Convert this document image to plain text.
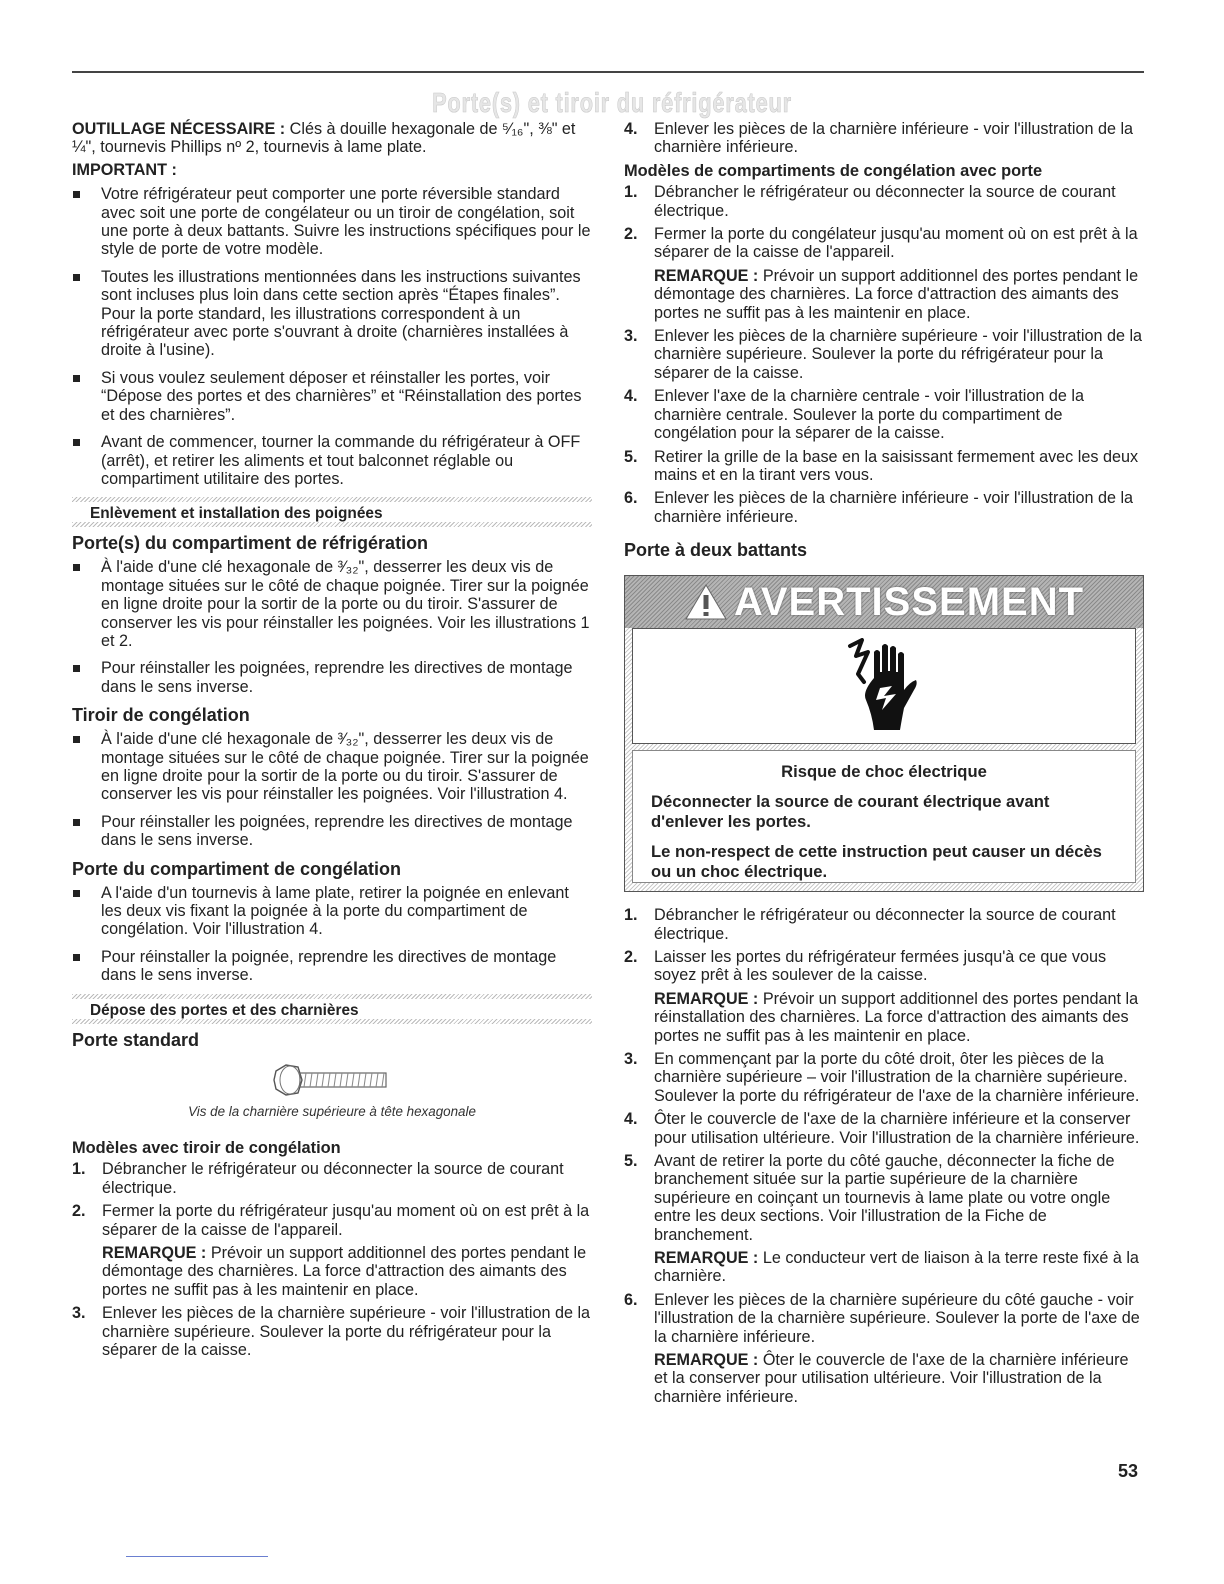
Porte(s) et tiroir du réfrigérateur

OUTILLAGE NÉCESSAIRE : Clés à douille hexagonale de ⁵⁄₁₆", ⅜" et ¼", tournevis Phillips nº 2, tournevis à lame plate.

IMPORTANT :

Votre réfrigérateur peut comporter une porte réversible standard avec soit une porte de congélateur ou un tiroir de congélation, soit une porte à deux battants. Suivre les instructions spécifiques pour le style de porte de votre modèle.
Toutes les illustrations mentionnées dans les instructions suivantes sont incluses plus loin dans cette section après “Étapes finales”. Pour la porte standard, les illustrations correspondent à un réfrigérateur avec porte s'ouvrant à droite (charnières installées à droite à l'usine).
Si vous voulez seulement déposer et réinstaller les portes, voir “Dépose des portes et des charnières” et “Réinstallation des portes et des charnières”.
Avant de commencer, tourner la commande du réfrigérateur à OFF (arrêt), et retirer les aliments et tout balconnet réglable ou compartiment utilitaire des portes.
Enlèvement et installation des poignées
Porte(s) du compartiment de réfrigération
À l'aide d'une clé hexagonale de ³⁄₃₂", desserrer les deux vis de montage situées sur le côté de chaque poignée. Tirer sur la poignée en ligne droite pour la sortir de la porte ou du tiroir. S'assurer de conserver les vis pour réinstaller les poignées. Voir les illustrations 1 et 2.
Pour réinstaller les poignées, reprendre les directives de montage dans le sens inverse.
Tiroir de congélation
À l'aide d'une clé hexagonale de ³⁄₃₂", desserrer les deux vis de montage situées sur le côté de chaque poignée. Tirer sur la poignée en ligne droite pour la sortir de la porte ou du tiroir. S'assurer de conserver les vis pour réinstaller les poignées. Voir l'illustration 4.
Pour réinstaller les poignées, reprendre les directives de montage dans le sens inverse.
Porte du compartiment de congélation
A l'aide d'un tournevis à lame plate, retirer la poignée en enlevant les deux vis fixant la poignée à la porte du compartiment de congélation. Voir l'illustration 4.
Pour réinstaller la poignée, reprendre les directives de montage dans le sens inverse.
Dépose des portes et des charnières
Porte standard

Vis de la charnière supérieure à tête hexagonale

Modèles avec tiroir de congélation
1. Débrancher le réfrigérateur ou déconnecter la source de courant électrique.
2. Fermer la porte du réfrigérateur jusqu'au moment où on est prêt à la séparer de la caisse de l'appareil.

REMARQUE : Prévoir un support additionnel des portes pendant le démontage des charnières. La force d'attraction des aimants des portes ne suffit pas à les maintenir en place.

3. Enlever les pièces de la charnière supérieure - voir l'illustration de la charnière supérieure. Soulever la porte du réfrigérateur pour la séparer de la caisse.
4. Enlever les pièces de la charnière inférieure - voir l'illustration de la charnière inférieure.
Modèles de compartiments de congélation avec porte
1. Débrancher le réfrigérateur ou déconnecter la source de courant électrique.
2. Fermer la porte du congélateur jusqu'au moment où on est prêt à la séparer de la caisse de l'appareil.

REMARQUE : Prévoir un support additionnel des portes pendant le démontage des charnières. La force d'attraction des aimants des portes ne suffit pas à les maintenir en place.

3. Enlever les pièces de la charnière supérieure - voir l'illustration de la charnière supérieure. Soulever la porte du réfrigérateur pour la séparer de la caisse.
4. Enlever l'axe de la charnière centrale - voir l'illustration de la charnière centrale. Soulever la porte du compartiment de congélation pour la séparer de la caisse.
5. Retirer la grille de la base en la saisissant fermement avec les deux mains et en la tirant vers vous.
6. Enlever les pièces de la charnière inférieure - voir l'illustration de la charnière inférieure.
Porte à deux battants
AVERTISSEMENT

Risque de choc électrique

Déconnecter la source de courant électrique avant d'enlever les portes.

Le non-respect de cette instruction peut causer un décès ou un choc électrique.

1. Débrancher le réfrigérateur ou déconnecter la source de courant électrique.
2. Laisser les portes du réfrigérateur fermées jusqu'à ce que vous soyez prêt à les soulever de la caisse.

REMARQUE : Prévoir un support additionnel des portes pendant la réinstallation des charnières. La force d'attraction des aimants des portes ne suffit pas à les maintenir en place.

3. En commençant par la porte du côté droit, ôter les pièces de la charnière supérieure – voir l'illustration de la charnière supérieure. Soulever la porte du réfrigérateur de l'axe de la charnière inférieure.
4. Ôter le couvercle de l'axe de la charnière inférieure et la conserver pour utilisation ultérieure. Voir l'illustration de la charnière inférieure.
5. Avant de retirer la porte du côté gauche, déconnecter la fiche de branchement située sur la partie supérieure de la charnière supérieure en coinçant un tournevis à lame plate ou votre ongle entre les deux sections. Voir l'illustration de la Fiche de branchement.

REMARQUE : Le conducteur vert de liaison à la terre reste fixé à la charnière.

6. Enlever les pièces de la charnière supérieure du côté gauche - voir l'illustration de la charnière supérieure. Soulever la porte de l'axe de la charnière inférieure.

REMARQUE : Ôter le couvercle de l'axe de la charnière inférieure et la conserver pour utilisation ultérieure. Voir l'illustration de la charnière inférieure.

53
